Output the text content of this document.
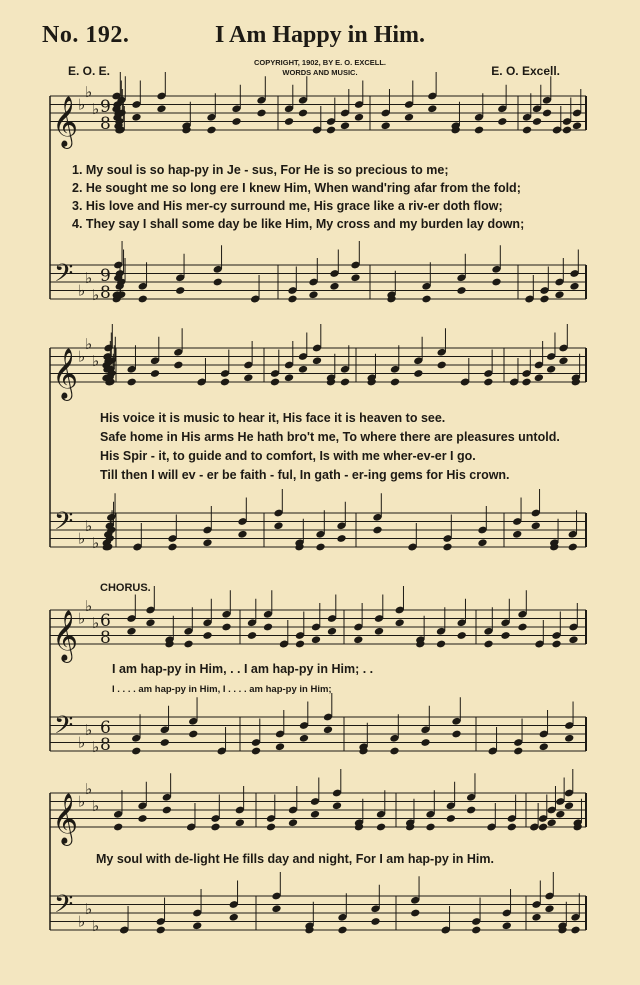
No. 192.	I Am Happy in Him.
E. O. E.
COPYRIGHT, 1902, BY E. O. EXCELL.
WORDS AND MUSIC.	E. O. Excell.
𝄞
𝄢
♭
♭
♭
♭
♭
♭
9
8
9
8
𝄞
𝄢
♭
♭
♭
♭
♭
♭
𝄞
𝄢
♭
♭
♭
♭
♭
♭
6
8
6
8
𝄞
𝄢
♭
♭
♭
♭
♭
♭
1. My soul is so hap-py in Je - sus, For He is so precious to me;
2. He sought me so long ere I knew Him, When wand'ring afar from the fold;
3. His love and His mer-cy surround me, His grace like a riv-er doth flow;
4. They say I shall some day be like Him, My cross and my burden lay down;
His voice it is music to hear it, His face it is heaven to see.
Safe home in His arms He hath bro't me, To where there are pleasures untold.
His Spir - it, to guide and to comfort, Is with me wher-ev-er I go.
Till then I will ev - er be faith - ful, In gath - er-ing gems for His crown.
CHORUS.
I am hap-py in Him, . . I am hap-py in Him; . .
I . . . . am hap-py in Him, I . . . . am hap-py in Him;
My soul with de-light He fills day and night, For I am hap-py in Him.
